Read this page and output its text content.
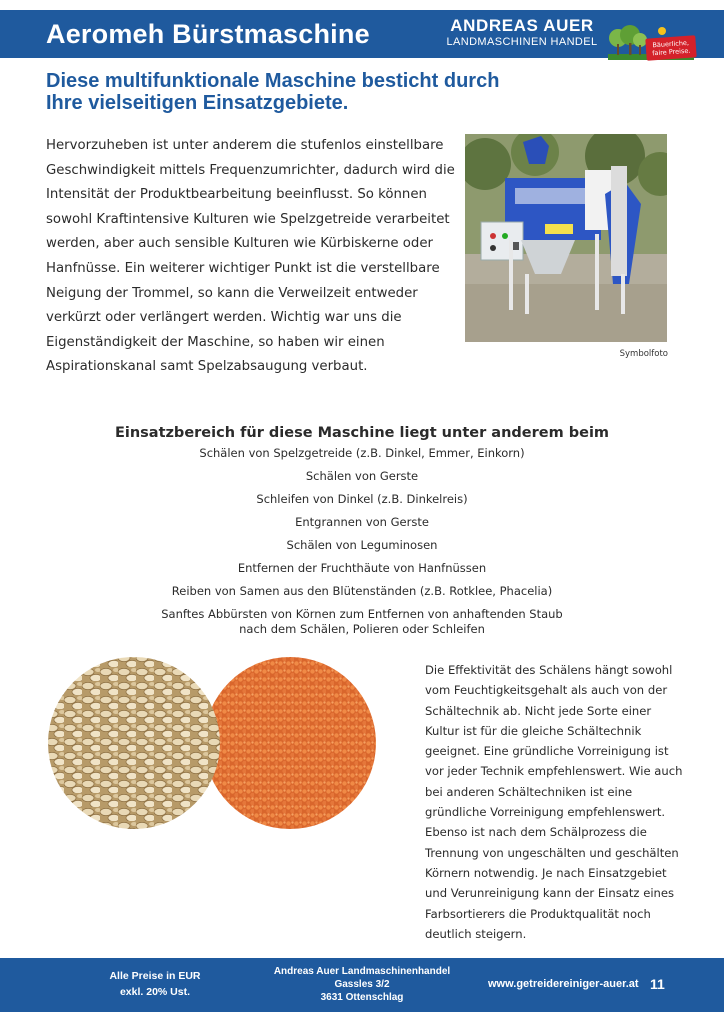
Aeromeh Bürstmaschine	ANDREAS AUER
LANDMASCHINEN HANDEL	Bäuerliche,
faire Preise.
Diese multifunktionale Maschine besticht durch Ihre vielseitigen Einsatzgebiete.

Hervorzuheben ist unter anderem die stufenlos einstellbare Geschwindigkeit mittels Frequenzumrichter, dadurch wird die Intensität der Produktbearbeitung beeinflusst. So können sowohl Kraftintensive Kulturen wie Spelzgetreide verarbeitet werden, aber auch sensible Kulturen wie Kürbiskerne oder Hanfnüsse. Ein weiterer wichtiger Punkt ist die verstellbare Neigung der Trommel, so kann die Verweilzeit entweder verkürzt oder verlängert werden. Wichtig war uns die Eigenständigkeit der Maschine, so haben wir einen Aspirationskanal samt Spelzabsaugung verbaut.

Symbolfoto
Einsatzbereich für diese Maschine liegt unter anderem beim
Schälen von Spelzgetreide (z.B. Dinkel, Emmer, Einkorn)
Schälen von Gerste
Schleifen von Dinkel (z.B. Dinkelreis)
Entgrannen von Gerste
Schälen von Leguminosen
Entfernen der Fruchthäute von Hanfnüssen
Reiben von Samen aus den Blütenständen (z.B. Rotklee, Phacelia)
Sanftes Abbürsten von Körnen zum Entfernen von anhaftenden Staub nach dem Schälen, Polieren oder Schleifen

Die Effektivität des Schälens hängt sowohl vom Feuchtigkeitsgehalt als auch von der Schältechnik ab. Nicht jede Sorte einer Kultur ist für die gleiche Schältechnik geeignet. Eine gründliche Vorreinigung ist vor jeder Technik empfehlenswert. Wie auch bei anderen Schältechniken ist eine gründliche Vorreinigung empfehlenswert. Ebenso ist nach dem Schälprozess die Trennung von ungeschälten und geschälten Körnern notwendig. Je nach Einsatzgebiet und Verunreinigung kann der Einsatz eines Farbsortierers die Produktqualität noch deutlich steigern.

Alle Preise in EUR
exkl. 20% Ust.
Andreas Auer Landmaschinenhandel
Gassles 3/2
3631 Ottenschlag
www.getreidereiniger-auer.at 11
